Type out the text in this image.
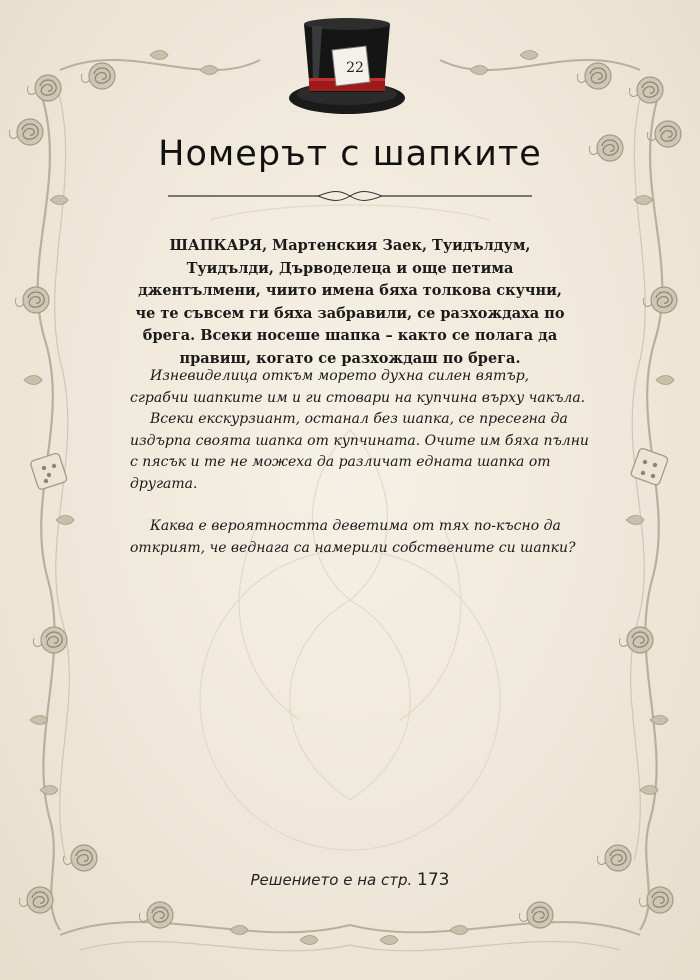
22
Номерът с шапките

ШАПКАРЯ, Мартенския Заек, Туидълдум, Туидълди, Дърводелеца и още петима джентълмени, чиито имена бяха толкова скучни, че те съвсем ги бяха забравили, се разхождаха по брега. Всеки носеше шапка – както се полага да правиш, когато се разхождаш по брега.

Изневиделица откъм морето духна силен вятър, сграбчи шапките им и ги стовари на купчина върху чакъла.

Всеки екскурзиант, останал без шапка, се пресегна да издърпа своята шапка от купчината. Очите им бяха пълни с пясък и те не можеха да различат едната шапка от другата.

Каква е вероятността деветима от тях по-късно да открият, че веднага са намерили собствените си шапки?

Решението е на стр. 173
